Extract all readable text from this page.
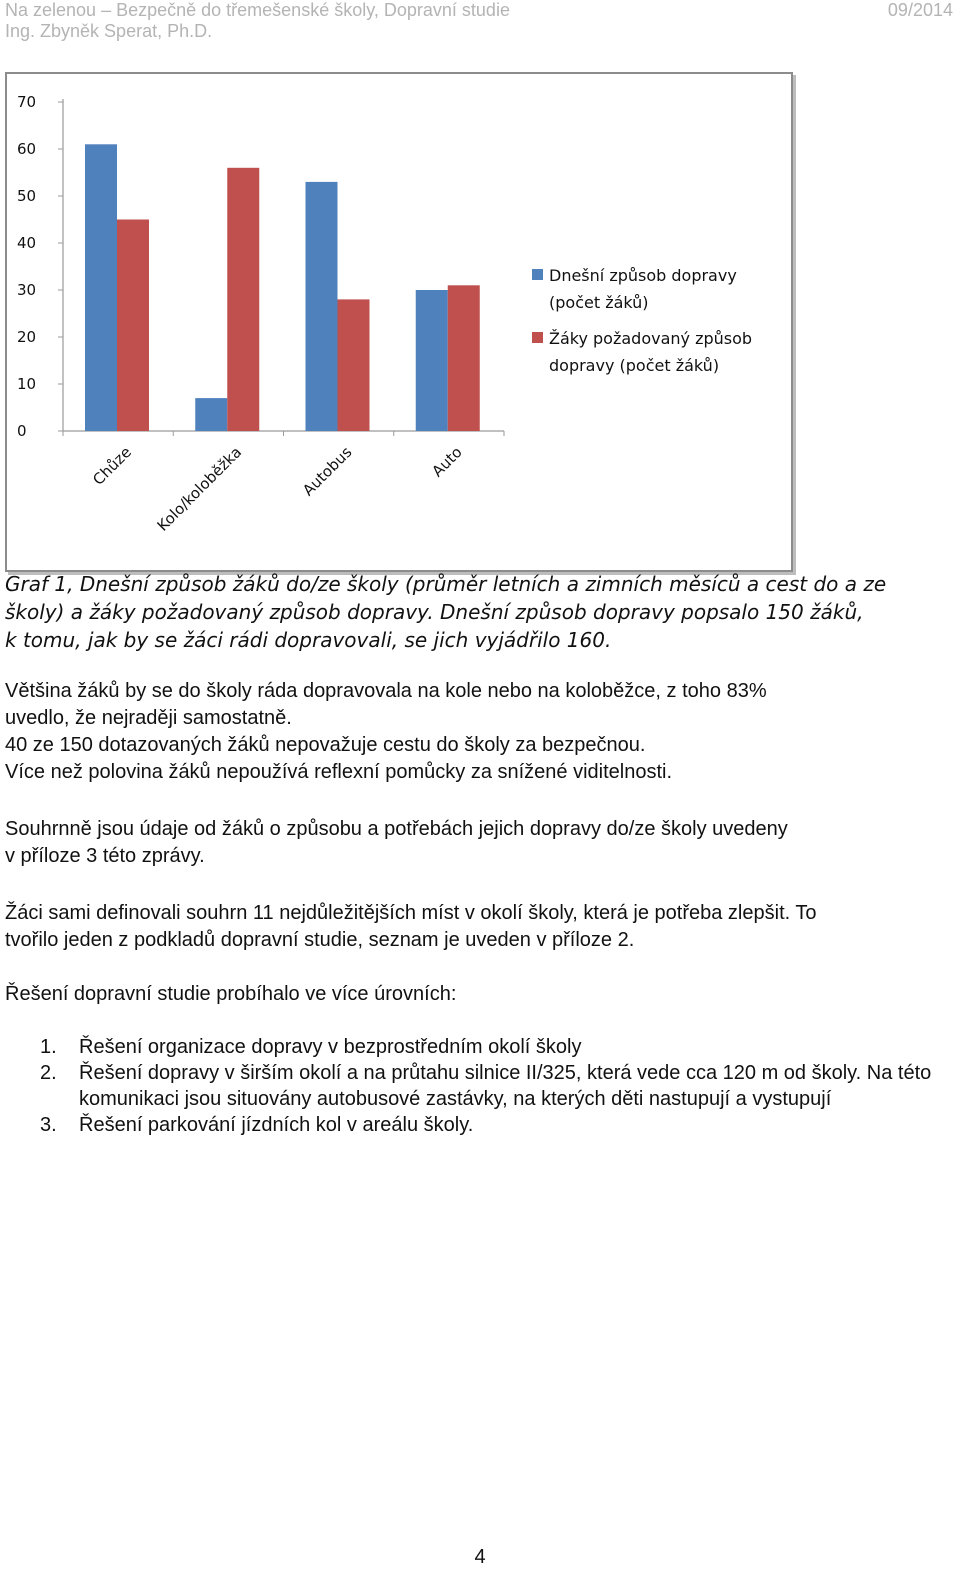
Na zelenou – Bezpečně do třemešenské školy, Dopravní studie
Ing. Zbyněk Sperat, Ph.D.
09/2014
0
10
20
30
40
50
60
70
Chůze Kolo/koloběžka	Autobus	Auto
Dnešní způsob dopravy
(počet žáků)
Žáky požadovaný způsob
dopravy (počet žáků)
Graf 1, Dnešní způsob žáků do/ze školy (průměr letních a zimních měsíců a cest do a ze
školy) a žáky požadovaný způsob dopravy. Dnešní způsob dopravy popsalo 150 žáků,
k tomu, jak by se žáci rádi dopravovali, se jich vyjádřilo 160.

Většina žáků by se do školy ráda dopravovala na kole nebo na koloběžce, z toho 83%

uvedlo, že nejraději samostatně.

40 ze 150 dotazovaných žáků nepovažuje cestu do školy za bezpečnou.

Více než polovina žáků nepoužívá reflexní pomůcky za snížené viditelnosti.

Souhrnně jsou údaje od žáků o způsobu a potřebách jejich dopravy do/ze školy uvedeny

v příloze 3 této zprávy.

Žáci sami definovali souhrn 11 nejdůležitějších míst v okolí školy, která je potřeba zlepšit. To

tvořilo jeden z podkladů dopravní studie, seznam je uveden v příloze 2.

Řešení dopravní studie probíhalo ve více úrovních:

1.	Řešení organizace dopravy v bezprostředním okolí školy
2.	Řešení dopravy v širším okolí a na průtahu silnice II/325, která vede cca 120 m od školy. Na této komunikaci jsou situovány autobusové zastávky, na kterých děti nastupují a vystupují
3.	Řešení parkování jízdních kol v areálu školy.
4
